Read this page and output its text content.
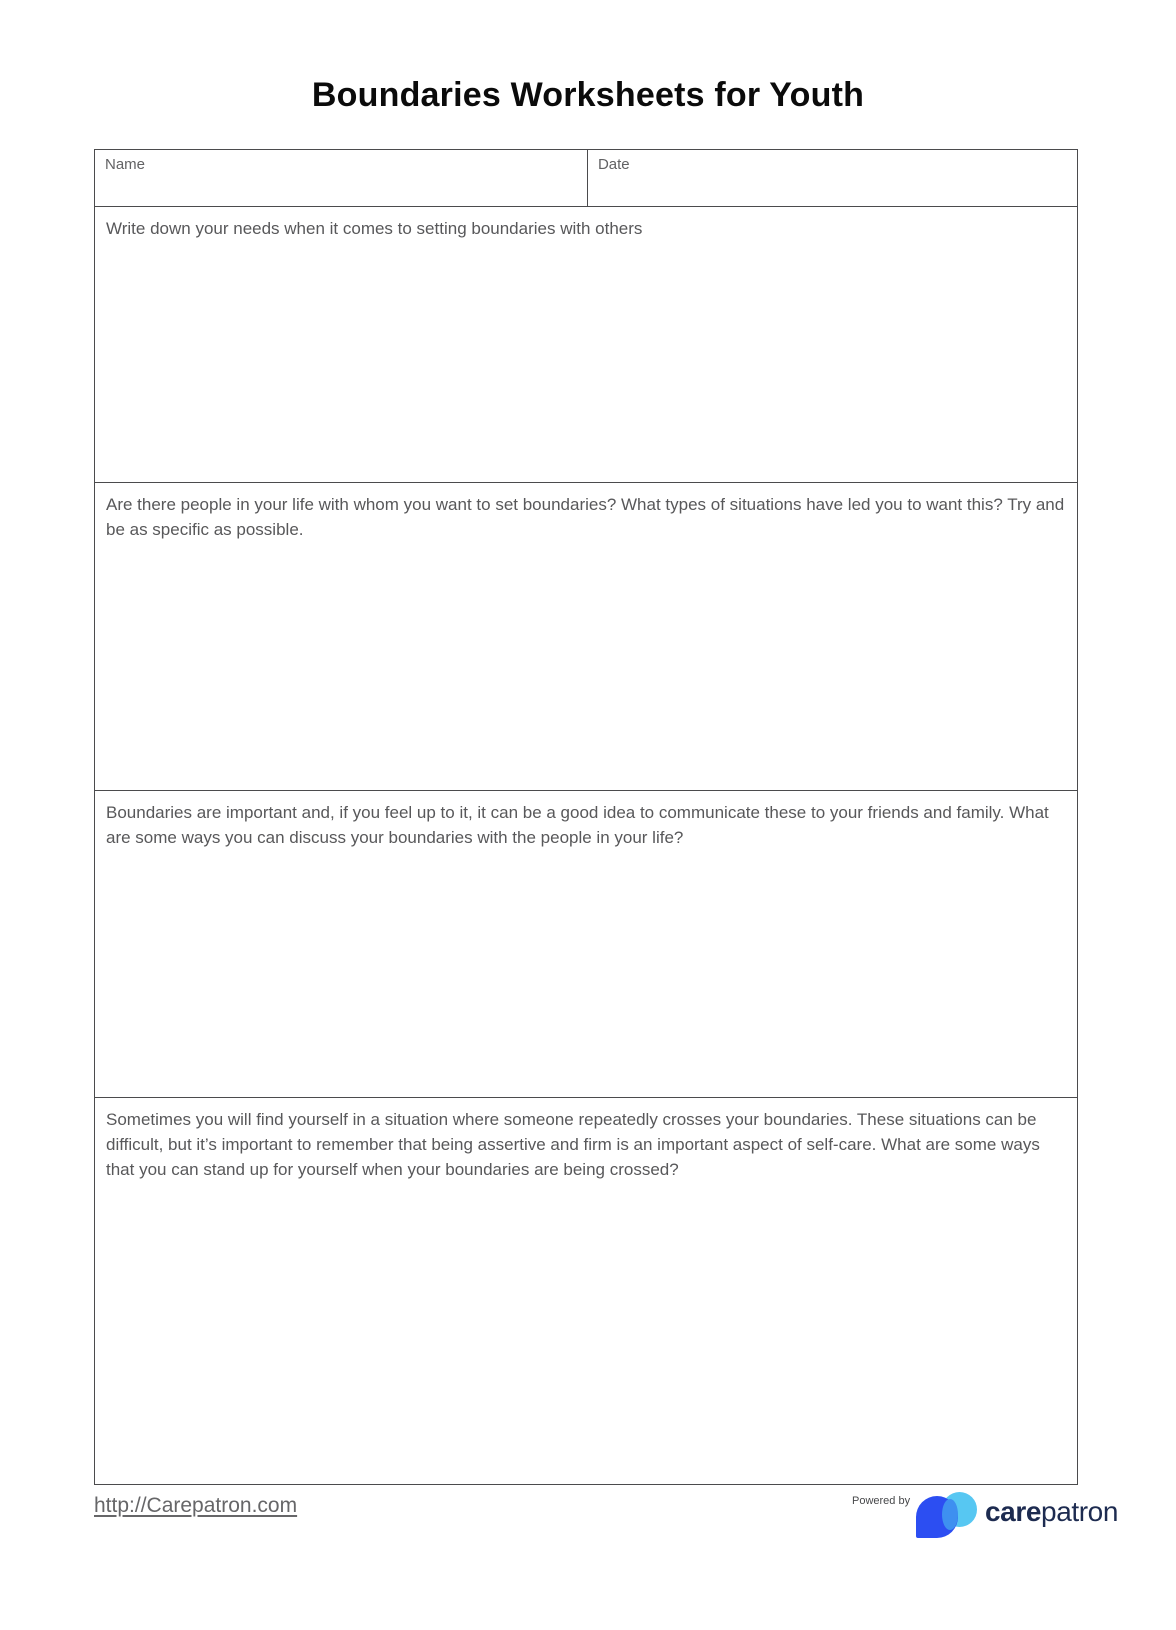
Boundaries Worksheets for Youth
Name	Date
Write down your needs when it comes to setting boundaries with others
Are there people in your life with whom you want to set boundaries? What types of situations have led you to want this? Try and be as specific as possible.
Boundaries are important and, if you feel up to it, it can be a good idea to communicate these to your friends and family. What are some ways you can discuss your boundaries with the people in your life?
Sometimes you will find yourself in a situation where someone repeatedly crosses your boundaries. These situations can be difficult, but it’s important to remember that being assertive and firm is an important aspect of self-care. What are some ways that you can stand up for yourself when your boundaries are being crossed?
http://Carepatron.com	Powered by	carepatron
